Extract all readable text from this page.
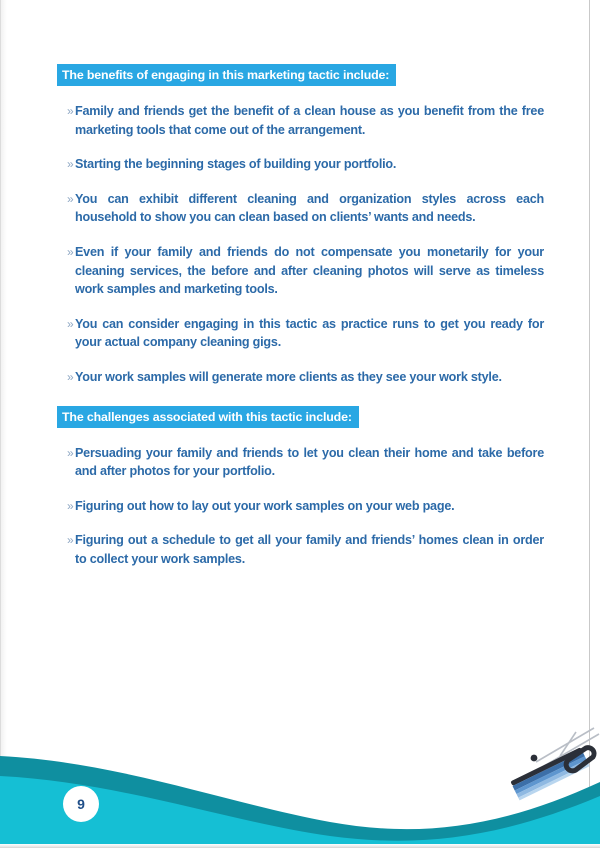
The benefits of engaging in this marketing tactic include:
» Family and friends get the benefit of a clean house as you benefit from the free marketing tools that come out of the arrangement.
» Starting the beginning stages of building your portfolio.
» You can exhibit different cleaning and organization styles across each household to show you can clean based on clients’ wants and needs.
» Even if your family and friends do not compensate you monetarily for your cleaning services, the before and after cleaning photos will serve as timeless work samples and marketing tools.
» You can consider engaging in this tactic as practice runs to get you ready for your actual company cleaning gigs.
» Your work samples will generate more clients as they see your work style.
The challenges associated with this tactic include:
» Persuading your family and friends to let you clean their home and take before and after photos for your portfolio.
» Figuring out how to lay out your work samples on your web page.
» Figuring out a schedule to get all your family and friends’ homes clean in order to collect your work samples.
9
